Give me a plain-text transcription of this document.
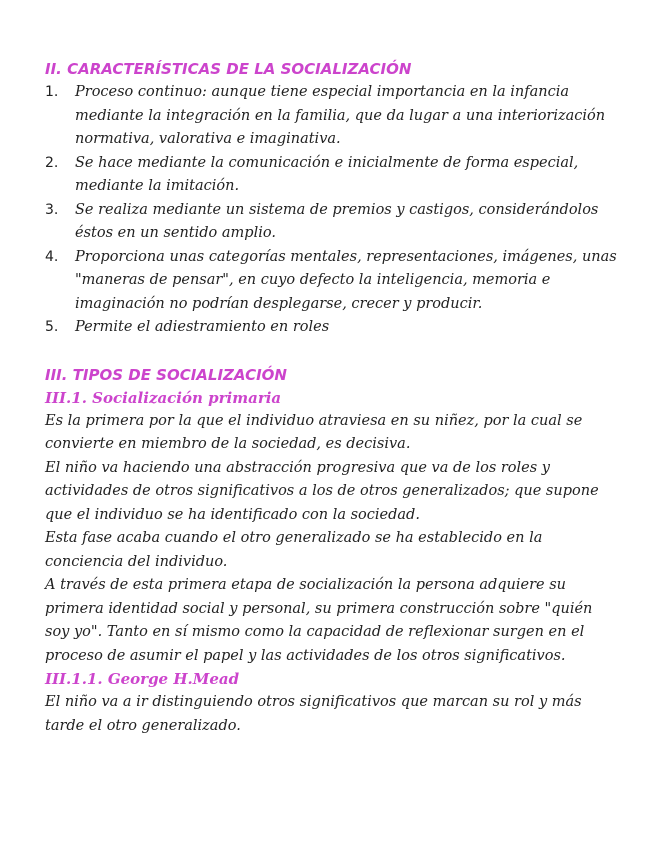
II. CARACTERÍSTICAS DE LA SOCIALIZACIÓN
1. Proceso continuo: aunque tiene especial importancia en la infancia mediante la integración en la familia, que da lugar a una interiorización normativa, valorativa e imaginativa.
2. Se hace mediante la comunicación e inicialmente de forma especial, mediante la imitación.
3. Se realiza mediante un sistema de premios y castigos, considerándolos éstos en un sentido amplio.
4. Proporciona unas categorías mentales, representaciones, imágenes, unas "maneras de pensar", en cuyo defecto la inteligencia, memoria e imaginación no podrían desplegarse, crecer y producir.
5. Permite el adiestramiento en roles
III. TIPOS DE SOCIALIZACIÓN
III.1. Socialización primaria

Es la primera por la que el individuo atraviesa en su niñez, por la cual se convierte en miembro de la sociedad, es decisiva.

El niño va haciendo una abstracción progresiva que va de los roles y actividades de otros significativos a los de otros generalizados; que supone que el individuo se ha identificado con la sociedad.

Esta fase acaba cuando el otro generalizado se ha establecido en la conciencia del individuo.

A través de esta primera etapa de socialización la persona adquiere su primera identidad social y personal, su primera construcción sobre "quién soy yo". Tanto en sí mismo como la capacidad de reflexionar surgen en el proceso de asumir el papel y las actividades de los otros significativos.

III.1.1. George H.Mead

El niño va a ir distinguiendo otros significativos que marcan su rol y más tarde el otro generalizado.
